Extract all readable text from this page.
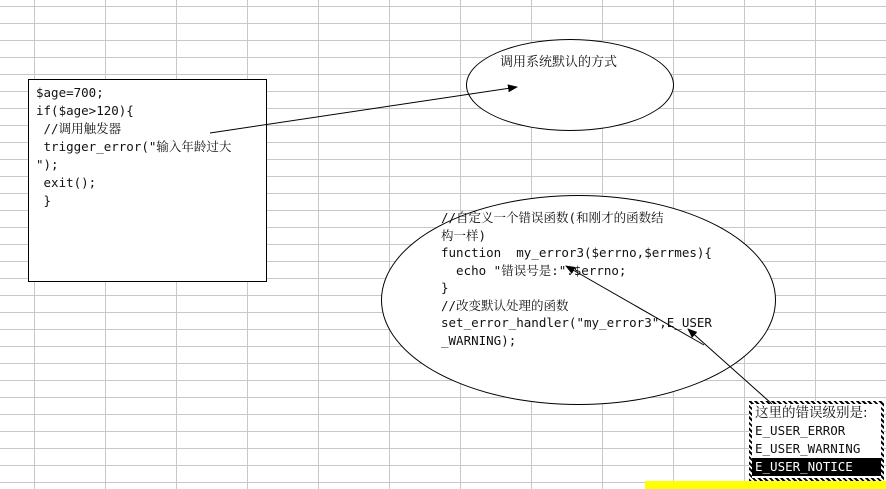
$age=700;
if($age>120){
//调用触发器
trigger_error("输入年龄过大
");
exit();
}
调用系统默认的方式
//自定义一个错误函数(和刚才的函数结
构一样)
function  my_error3($errno,$errmes){
echo "错误号是:".$errno;
}
//改变默认处理的函数
set_error_handler("my_error3",E_USER
_WARNING);
这里的错误级别是:
E_USER_ERROR
E_USER_WARNING
E_USER_NOTICE
